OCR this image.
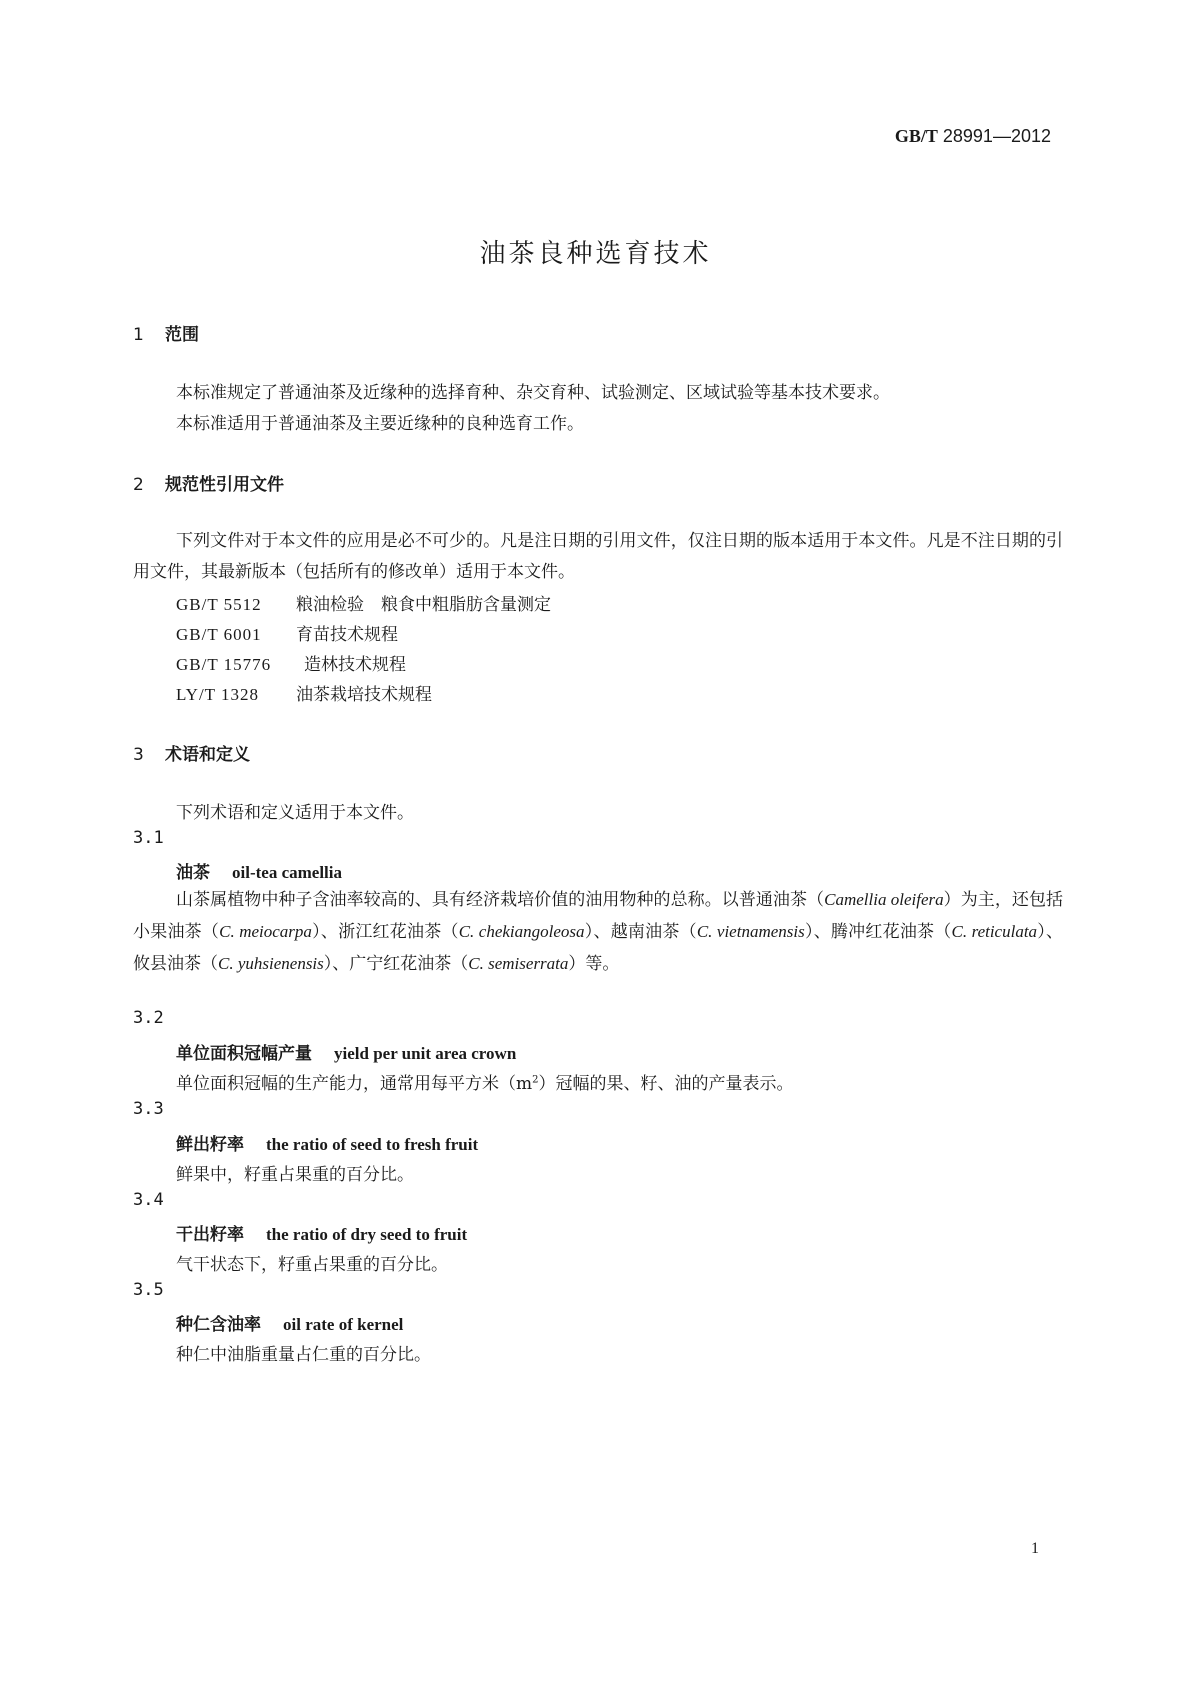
GB/T 28991—2012
油茶良种选育技术
1 范围
本标准规定了普通油茶及近缘种的选择育种、杂交育种、试验测定、区域试验等基本技术要求。
本标准适用于普通油茶及主要近缘种的良种选育工作。
2 规范性引用文件
下列文件对于本文件的应用是必不可少的。凡是注日期的引用文件，仅注日期的版本适用于本文件。凡是不注日期的引用文件，其最新版本（包括所有的修改单）适用于本文件。
GB/T 5512 粮油检验　粮食中粗脂肪含量测定
GB/T 6001 育苗技术规程
GB/T 15776 造林技术规程
LY/T 1328 油茶栽培技术规程
3 术语和定义
下列术语和定义适用于本文件。
3.1
油茶 oil-tea camellia
山茶属植物中种子含油率较高的、具有经济栽培价值的油用物种的总称。以普通油茶（Camellia oleifera）为主，还包括小果油茶（C. meiocarpa）、浙江红花油茶（C. chekiangoleosa）、越南油茶（C. vietnamensis）、腾冲红花油茶（C. reticulata）、攸县油茶（C. yuhsienensis）、广宁红花油茶（C. semiserrata）等。
3.2
单位面积冠幅产量 yield per unit area crown
单位面积冠幅的生产能力，通常用每平方米$(m^2)$冠幅的果、籽、油的产量表示。
3.3
鲜出籽率 the ratio of seed to fresh fruit
鲜果中，籽重占果重的百分比。
3.4
干出籽率 the ratio of dry seed to fruit
气干状态下，籽重占果重的百分比。
3.5
种仁含油率 oil rate of kernel
种仁中油脂重量占仁重的百分比。
1
